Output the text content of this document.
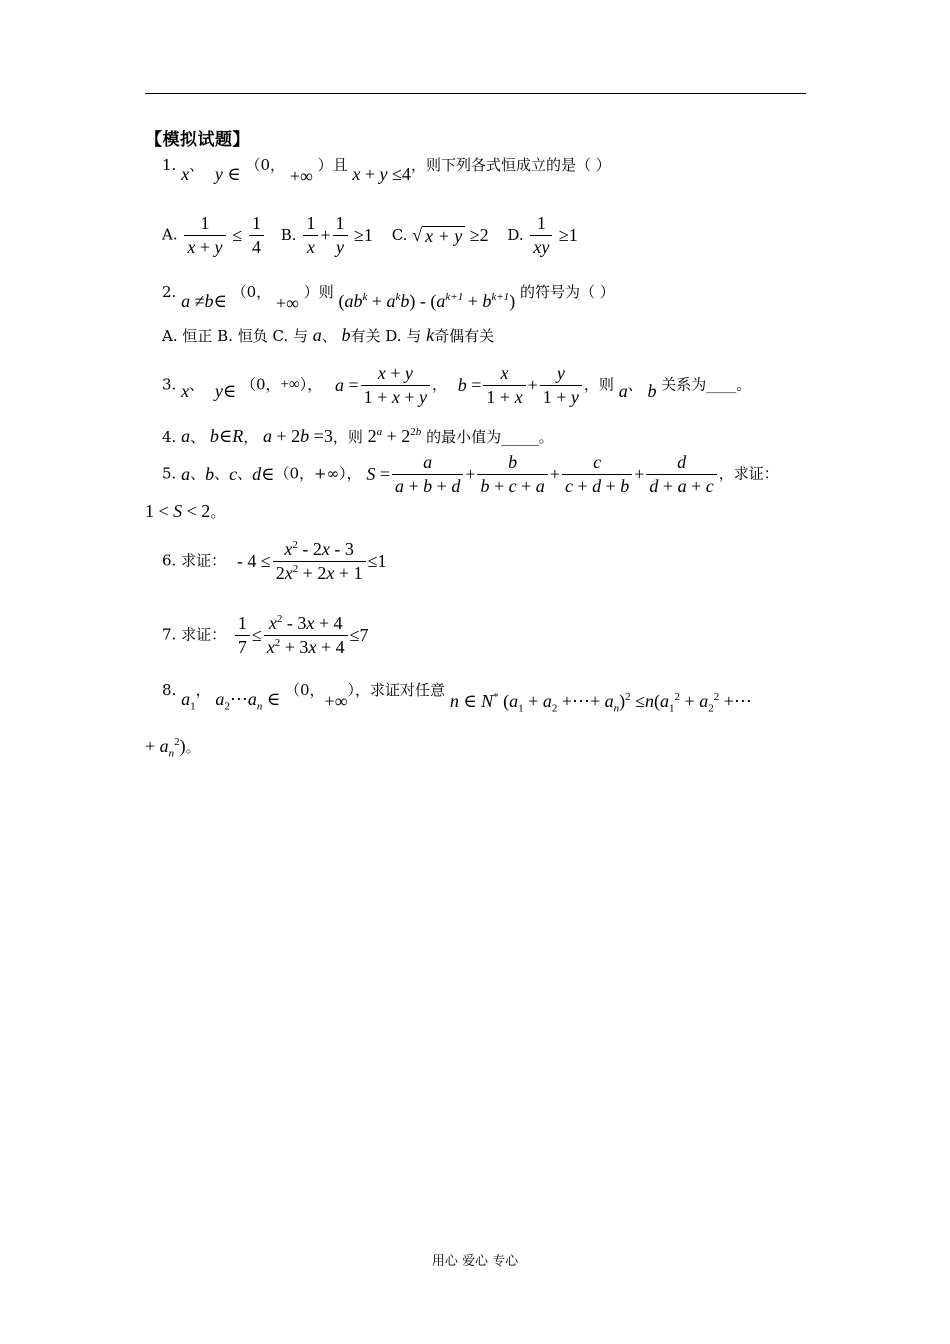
【模拟试题】
1. x、 y ∈ （0， +∞ ）且 x + y ≤4，则下列各式恒成立的是（ ）
A. $\frac{1}{x + y} \le \frac{1}{4} B$. $\frac{1}{x} + \frac{1}{y} \ge 1$ C. √ x + y ≥2 D. $\frac{1}{xy} \ge 1$
2. a ≠b∈ （0， +∞ ）则 $(ab^k + a^kb) - (a^{k+1} + b^{k+1})$ 的符号为（ ）
A. 恒正 B. 恒负 C. 与 a、 b有关 D. 与 k奇偶有关
3. x、 y∈ （0，+∞）， $a = \frac{x + y}{1 + x + y}$ ， $b = \frac{x}{1 + x} + \frac{y}{1 + y}$ ，则 a、 b 关系为____。
4. a、 b∈R， a + 2b =3，则 $2^a + 2^{2b}$ 的最小值为_____。
5. a、b、c、d∈（0，+∞）， $S = \frac{a}{a + b + d} + \frac{b}{b + c + a} + \frac{c}{c + d + b} + \frac{d}{d + a + c}$ ，求证：
1 < S < 2。
6. 求证： - $4 \le \frac{x^2 - 2x - 3}{2x^2 + 2x + 1} \le 1$
7. 求证： $\frac{1}{7} \le \frac{x^2 - 3x + 4}{x^2 + 3x + 4} \le 7$
8. $a_1$， $a_2\cdots a_n$ ∈ （0，+∞），求证对任意 n ∈ N* ($a_1 + a_2$ +⋯+ $a_n)^2 \le n(a_1^2 + a_2^2$ +⋯
+ $a_n^2$)。
用心 爱心 专心
